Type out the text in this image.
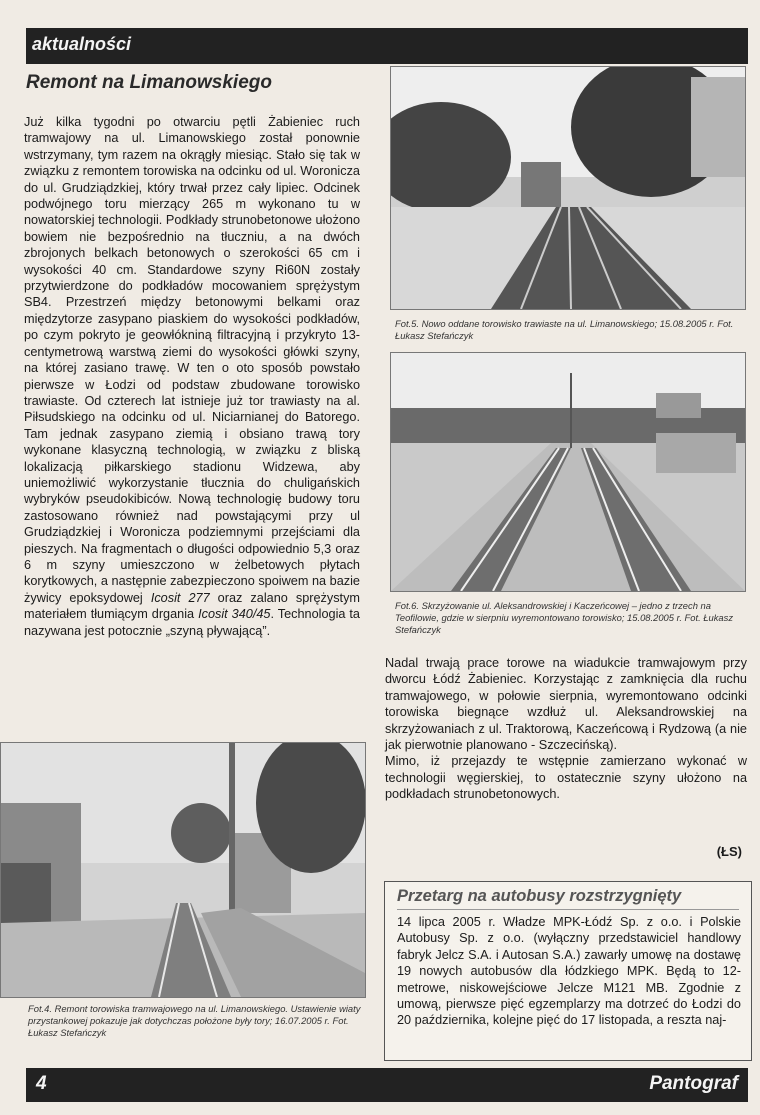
aktualności
Remont na Limanowskiego

Już kilka tygodni po otwarciu pętli Żabieniec ruch tramwajowy na ul. Limanowskiego został ponownie wstrzymany, tym razem na okrągły miesiąc. Stało się tak w związku z remontem torowiska na odcinku od ul. Woronicza do ul. Grudziądzkiej, który trwał przez cały lipiec. Odcinek podwójnego toru mierzący 265 m wykonano tu w nowatorskiej technologii. Podkłady strunobetonowe ułożono bowiem nie bezpośrednio na tłuczniu, a na dwóch zbrojonych belkach betonowych o szerokości 65 cm i wysokości 40 cm. Standardowe szyny Ri60N zostały przytwierdzone do podkładów mocowaniem sprężystym SB4. Przestrzeń między betonowymi belkami oraz międzytorze zasypano piaskiem do wysokości podkładów, po czym pokryto je geowłókniną filtracyjną i przykryto 13-centymetrową warstwą ziemi do wysokości główki szyny, na której zasiano trawę. W ten o oto sposób powstało pierwsze w Łodzi od podstaw zbudowane torowisko trawiaste. Od czterech lat istnieje już tor trawiasty na al. Piłsudskiego na odcinku od ul. Niciarnianej do Batorego. Tam jednak zasypano ziemią i obsiano trawą tory wykonane klasyczną technologią, w związku z bliską lokalizacją piłkarskiego stadionu Widzewa, aby uniemożliwić wykorzystanie tłucznia do chuligańskich wybryków pseudokibiców. Nową technologię budowy toru zastosowano również nad powstającymi przy ul Grudziądzkiej i Woronicza podziemnymi przejściami dla pieszych. Na fragmentach o długości odpowiednio 5,3 oraz 6 m szyny umieszczono w żelbetowych płytach korytkowych, a następnie zabezpieczono spoiwem na bazie żywicy epoksydowej Icosit 277 oraz zalano sprężystym materiałem tłumiącym drgania Icosit 340/45. Technologia ta nazywana jest potocznie „szyną pływającą”.

Fot.4. Remont torowiska tramwajowego na ul. Limanowskiego. Ustawienie wiaty przystankowej pokazuje jak dotychczas położone były tory; 16.07.2005 r. Fot. Łukasz Stefańczyk
Fot.5. Nowo oddane torowisko trawiaste na ul. Limanowskiego; 15.08.2005 r. Fot. Łukasz Stefańczyk
Fot.6. Skrzyżowanie ul. Aleksandrowskiej i Kaczeńcowej – jedno z trzech na Teofilowie, gdzie w sierpniu wyremontowano torowisko; 15.08.2005 r. Fot. Łukasz Stefańczyk

Nadal trwają prace torowe na wiadukcie tramwajowym przy dworcu Łódź Żabieniec. Korzystając z zamknięcia dla ruchu tramwajowego, w połowie sierpnia, wyremontowano odcinki torowiska biegnące wzdłuż ul. Aleksandrowskiej na skrzyżowaniach z ul. Traktorową, Kaczeńcową i Rydzową (a nie jak pierwotnie planowano - Szczecińską).

Mimo, iż przejazdy te wstępnie zamierzano wykonać w technologii węgierskiej, to ostatecznie szyny ułożono na podkładach strunobetonowych.

(ŁS)
Przetarg na autobusy rozstrzygnięty

14 lipca 2005 r. Władze MPK-Łódź Sp. z o.o. i Polskie Autobusy Sp. z o.o. (wyłączny przedstawiciel handlowy fabryk Jelcz S.A. i Autosan S.A.) zawarły umowę na dostawę 19 nowych autobusów dla łódzkiego MPK. Będą to 12-metrowe, niskowejściowe Jelcze M121 MB. Zgodnie z umową, pierwsze pięć egzemplarzy ma dotrzeć do Łodzi do 20 października, kolejne pięć do 17 listopada, a reszta naj-

4	Pantograf
